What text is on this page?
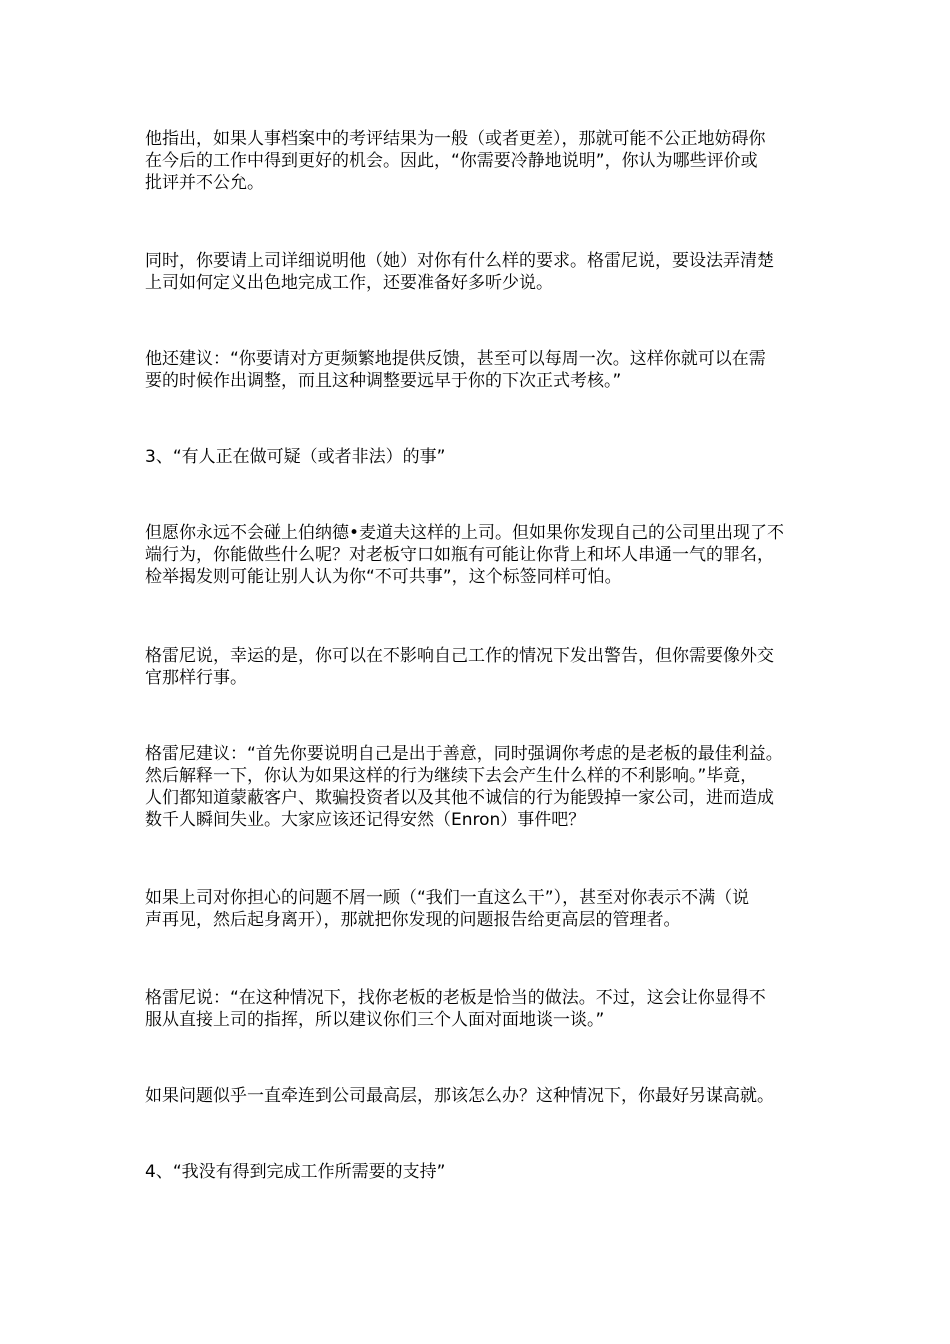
他指出，如果人事档案中的考评结果为一般（或者更差），那就可能不公正地妨碍你
在今后的工作中得到更好的机会。因此，“你需要冷静地说明”，你认为哪些评价或
批评并不公允。

同时，你要请上司详细说明他（她）对你有什么样的要求。格雷尼说，要设法弄清楚
上司如何定义出色地完成工作，还要准备好多听少说。

他还建议：“你要请对方更频繁地提供反馈，甚至可以每周一次。这样你就可以在需
要的时候作出调整，而且这种调整要远早于你的下次正式考核。”

3、“有人正在做可疑（或者非法）的事”

但愿你永远不会碰上伯纳德•麦道夫这样的上司。但如果你发现自己的公司里出现了不
端行为，你能做些什么呢？对老板守口如瓶有可能让你背上和坏人串通一气的罪名，
检举揭发则可能让别人认为你“不可共事”，这个标签同样可怕。

格雷尼说，幸运的是，你可以在不影响自己工作的情况下发出警告，但你需要像外交
官那样行事。

格雷尼建议：“首先你要说明自己是出于善意，同时强调你考虑的是老板的最佳利益。
然后解释一下，你认为如果这样的行为继续下去会产生什么样的不利影响。”毕竟，
人们都知道蒙蔽客户、欺骗投资者以及其他不诚信的行为能毁掉一家公司，进而造成
数千人瞬间失业。大家应该还记得安然（Enron）事件吧？

如果上司对你担心的问题不屑一顾（“我们一直这么干”），甚至对你表示不满（说
声再见，然后起身离开），那就把你发现的问题报告给更高层的管理者。

格雷尼说：“在这种情况下，找你老板的老板是恰当的做法。不过，这会让你显得不
服从直接上司的指挥，所以建议你们三个人面对面地谈一谈。”

如果问题似乎一直牵连到公司最高层，那该怎么办？这种情况下，你最好另谋高就。

4、“我没有得到完成工作所需要的支持”
